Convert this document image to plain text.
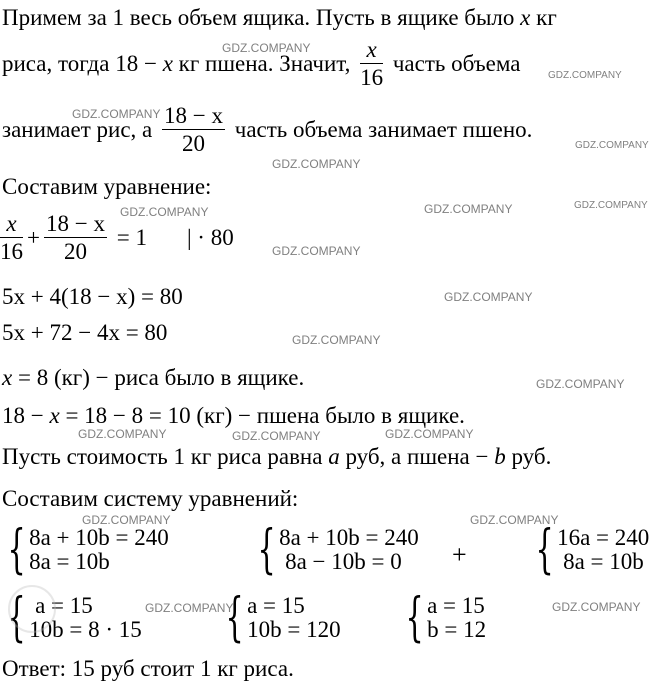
Примем за 1 весь объем ящика. Пусть в ящике было x кг
риса, тогда 18 − x кг пшена. Значит, $\frac{x}{16}$ часть объема
занимает рис, а $\frac{18 - x}{20}$ часть объема занимает пшено.
Составим уравнение:
$\frac{x}{16} + \frac{18 - x}{20} = 1$ | · 80
5x + 4(18 − x) = 80
5x + 72 − 4x = 80
x = 8 (кг) − риса было в ящике.
18 − x = 18 − 8 = 10 (кг) − пшена было в ящике.
Пусть стоимость 1 кг риса равна a руб, а пшена − b руб.
Составим систему уравнений:
{ 8a + 10b = 240
8a = 10b	{ 8a + 10b = 240
8a − 10b = 0	+ { 16a = 240
8a = 10b
{ a = 15
10b = 8 · 15 { a = 15
10b = 120 { a = 15
b = 12
Ответ: 15 руб стоит 1 кг риса.
GDZ.COMPANY
GDZ.COMPANY
GDZ.COMPANY
GDZ.COMPANY
GDZ.COMPANY
GDZ.COMPANY	GDZ.COMPANY	GDZ.COMPANY
GDZ.COMPANY
GDZ.COMPANY
GDZ.COMPANY
GDZ.COMPANY
GDZ.COMPANY	GDZ.COMPANY	GDZ.COMPANY
GDZ.COMPANY	GDZ.COMPANY
GDZ.COMPANY	GDZ.COMPANY
